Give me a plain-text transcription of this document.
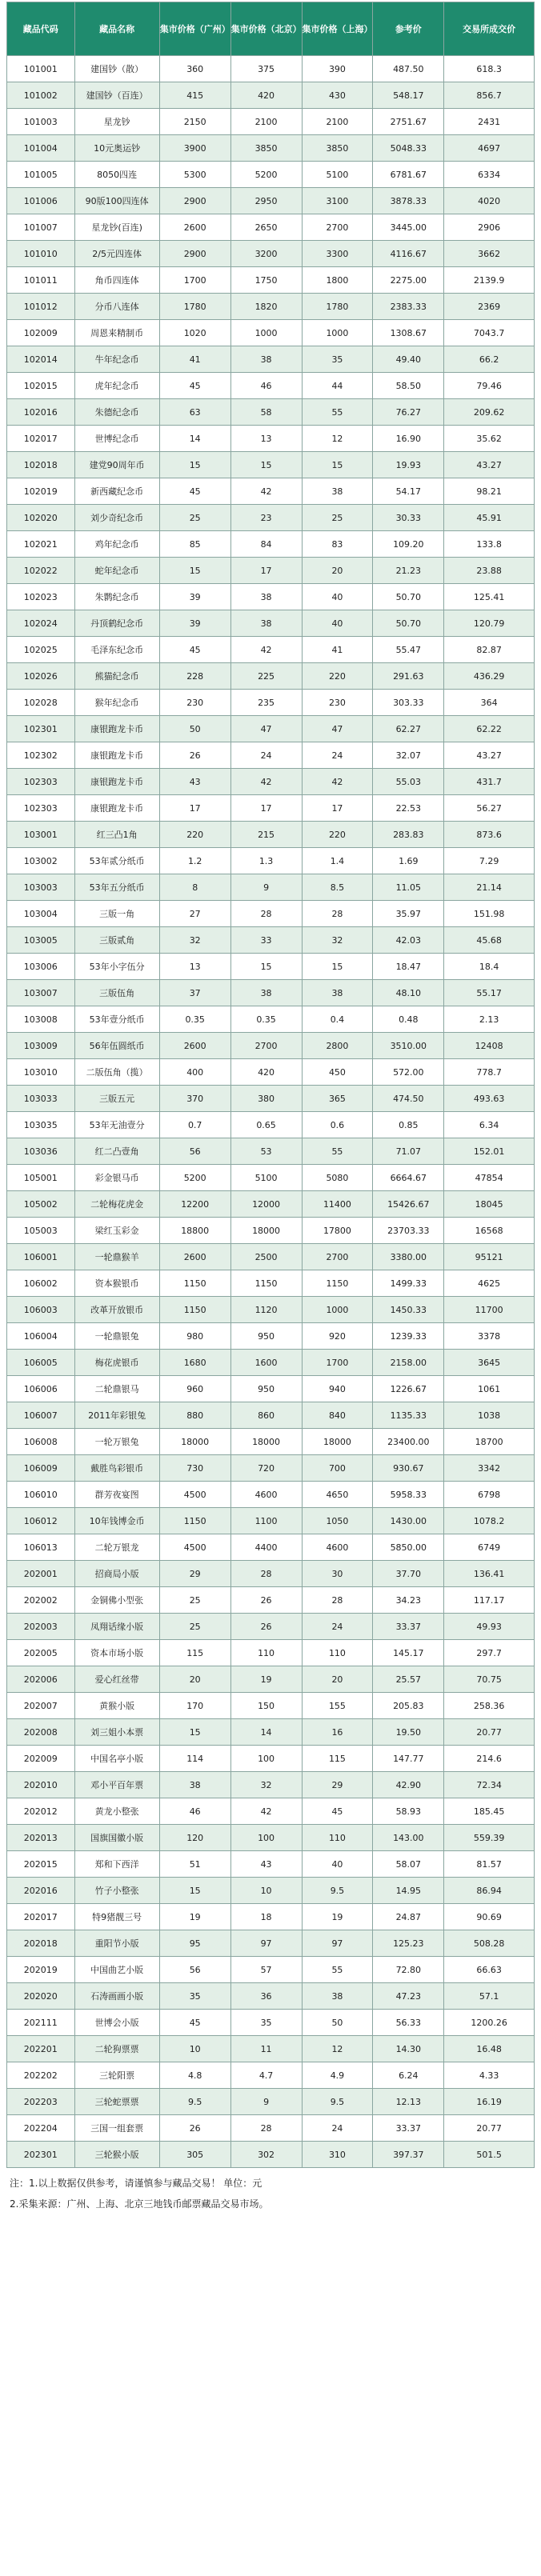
藏品代码	藏品名称	集市价格（广州）	集市价格（北京）	集市价格（上海）	参考价	交易所成交价
101001	建国钞（散）	360	375	390	487.50	618.3
101002	建国钞（百连）	415	420	430	548.17	856.7
101003	星龙钞	2150	2100	2100	2751.67	2431
101004	10元奥运钞	3900	3850	3850	5048.33	4697
101005	8050四连	5300	5200	5100	6781.67	6334
101006	90版100四连体	2900	2950	3100	3878.33	4020
101007	星龙钞(百连)	2600	2650	2700	3445.00	2906
101010	2/5元四连体	2900	3200	3300	4116.67	3662
101011	角币四连体	1700	1750	1800	2275.00	2139.9
101012	分币八连体	1780	1820	1780	2383.33	2369
102009	周恩来精制币	1020	1000	1000	1308.67	7043.7
102014	牛年纪念币	41	38	35	49.40	66.2
102015	虎年纪念币	45	46	44	58.50	79.46
102016	朱德纪念币	63	58	55	76.27	209.62
102017	世博纪念币	14	13	12	16.90	35.62
102018	建党90周年币	15	15	15	19.93	43.27
102019	新西藏纪念币	45	42	38	54.17	98.21
102020	刘少奇纪念币	25	23	25	30.33	45.91
102021	鸡年纪念币	85	84	83	109.20	133.8
102022	蛇年纪念币	15	17	20	21.23	23.88
102023	朱鹮纪念币	39	38	40	50.70	125.41
102024	丹顶鹤纪念币	39	38	40	50.70	120.79
102025	毛泽东纪念币	45	42	41	55.47	82.87
102026	熊猫纪念币	228	225	220	291.63	436.29
102028	猴年纪念币	230	235	230	303.33	364
102301	康银跑龙卡币	50	47	47	62.27	62.22
102302	康银跑龙卡币	26	24	24	32.07	43.27
102303	康银跑龙卡币	43	42	42	55.03	431.7
102303	康银跑龙卡币	17	17	17	22.53	56.27
103001	红三凸1角	220	215	220	283.83	873.6
103002	53年贰分纸币	1.2	1.3	1.4	1.69	7.29
103003	53年五分纸币	8	9	8.5	11.05	21.14
103004	三版一角	27	28	28	35.97	151.98
103005	三版贰角	32	33	32	42.03	45.68
103006	53年小字伍分	13	15	15	18.47	18.4
103007	三版伍角	37	38	38	48.10	55.17
103008	53年壹分纸币	0.35	0.35	0.4	0.48	2.13
103009	56年伍圆纸币	2600	2700	2800	3510.00	12408
103010	二版伍角（揽）	400	420	450	572.00	778.7
103033	三版五元	370	380	365	474.50	493.63
103035	53年无油壹分	0.7	0.65	0.6	0.85	6.34
103036	红二凸壹角	56	53	55	71.07	152.01
105001	彩金银马币	5200	5100	5080	6664.67	47854
105002	二轮梅花虎金	12200	12000	11400	15426.67	18045
105003	梁红玉彩金	18800	18000	17800	23703.33	16568
106001	一轮鼎猴羊	2600	2500	2700	3380.00	95121
106002	资本猴银币	1150	1150	1150	1499.33	4625
106003	改革开放银币	1150	1120	1000	1450.33	11700
106004	一轮鼎银兔	980	950	920	1239.33	3378
106005	梅花虎银币	1680	1600	1700	2158.00	3645
106006	二轮鼎银马	960	950	940	1226.67	1061
106007	2011年彩银兔	880	860	840	1135.33	1038
106008	一轮万银兔	18000	18000	18000	23400.00	18700
106009	戴胜鸟彩银币	730	720	700	930.67	3342
106010	群芳夜宴图	4500	4600	4650	5958.33	6798
106012	10年钱博金币	1150	1100	1050	1430.00	1078.2
106013	二轮万银龙	4500	4400	4600	5850.00	6749
202001	招商局小版	29	28	30	37.70	136.41
202002	金铜佛小型张	25	26	28	34.23	117.17
202003	凤翔话缘小版	25	26	24	33.37	49.93
202005	资本市场小版	115	110	110	145.17	297.7
202006	爱心红丝带	20	19	20	25.57	70.75
202007	黄猴小版	170	150	155	205.83	258.36
202008	刘三姐小本票	15	14	16	19.50	20.77
202009	中国名亭小版	114	100	115	147.77	214.6
202010	邓小平百年票	38	32	29	42.90	72.34
202012	黄龙小整张	46	42	45	58.93	185.45
202013	国旗国徽小版	120	100	110	143.00	559.39
202015	郑和下西洋	51	43	40	58.07	81.57
202016	竹子小整张	15	10	9.5	14.95	86.94
202017	特9猪靓三号	19	18	19	24.87	90.69
202018	重阳节小版	95	97	97	125.23	508.28
202019	中国曲艺小版	56	57	55	72.80	66.63
202020	石涛画画小版	35	36	38	47.23	57.1
202111	世博会小版	45	35	50	56.33	1200.26
202201	二轮狗票票	10	11	12	14.30	16.48
202202	三轮阳票	4.8	4.7	4.9	6.24	4.33
202203	三轮蛇票票	9.5	9	9.5	12.13	16.19
202204	三国一组套票	26	28	24	33.37	20.77
202301	三轮猴小版	305	302	310	397.37	501.5
注：1.以上数据仅供参考，请谨慎参与藏品交易！ 单位：元
2.采集来源：广州、上海、北京三地钱币邮票藏品交易市场。
